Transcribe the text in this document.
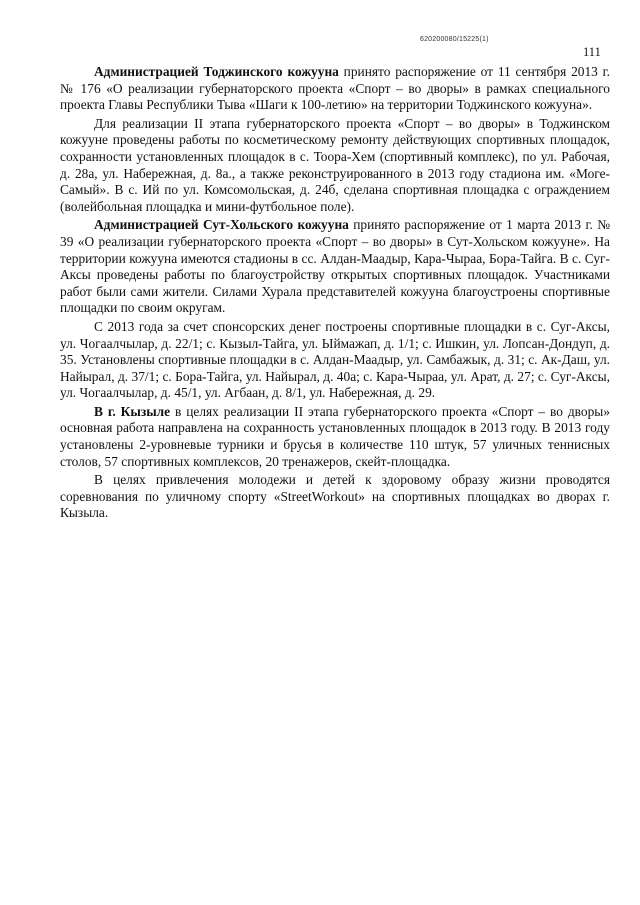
620200080/15225(1)
111

Администрацией Тоджинского кожууна принято распоряжение от 11 сентября 2013 г. № 176 «О реализации губернаторского проекта «Спорт – во дворы» в рамках специального проекта Главы Республики Тыва «Шаги к 100-летию» на территории Тоджинского кожууна».

Для реализации II этапа губернаторского проекта «Спорт – во дворы» в Тоджинском кожууне проведены работы по косметическому ремонту действующих спортивных площадок, сохранности установленных площадок в с. Тоора-Хем (спортивный комплекс), по ул. Рабочая, д. 28а, ул. Набережная, д. 8а., а также реконструированного в 2013 году стадиона им. «Моге-Самый». В с. Ий по ул. Комсомольская, д. 24б, сделана спортивная площадка с ограждением (волейбольная площадка и мини-футбольное поле).

Администрацией Сут-Хольского кожууна принято распоряжение от 1 марта 2013 г. № 39 «О реализации губернаторского проекта «Спорт – во дворы» в Сут-Хольском кожууне». На территории кожууна имеются стадионы в сс. Алдан-Маадыр, Кара-Чыраа, Бора-Тайга. В с. Суг-Аксы проведены работы по благоустройству открытых спортивных площадок. Участниками работ были сами жители. Силами Хурала представителей кожууна благоустроены спортивные площадки по своим округам.

С 2013 года за счет спонсорских денег построены спортивные площадки в с. Суг-Аксы, ул. Чогаалчылар, д. 22/1; с. Кызыл-Тайга, ул. Ыймажап, д. 1/1; с. Ишкин, ул. Лопсан-Дондуп, д. 35. Установлены спортивные площадки в с. Алдан-Маадыр, ул. Самбажык, д. 31; с. Ак-Даш, ул. Найырал, д. 37/1; с. Бора-Тайга, ул. Найырал, д. 40а; с. Кара-Чыраа, ул. Арат, д. 27; с. Суг-Аксы, ул. Чогаалчылар, д. 45/1, ул. Агбаан, д. 8/1, ул. Набережная, д. 29.

В г. Кызыле в целях реализации II этапа губернаторского проекта «Спорт – во дворы» основная работа направлена на сохранность установленных площадок в 2013 году. В 2013 году установлены 2-уровневые турники и брусья в количестве 110 штук, 57 уличных теннисных столов, 57 спортивных комплексов, 20 тренажеров, скейт-площадка.

В целях привлечения молодежи и детей к здоровому образу жизни проводятся соревнования по уличному спорту «StreetWorkout» на спортивных площадках во дворах г. Кызыла.
